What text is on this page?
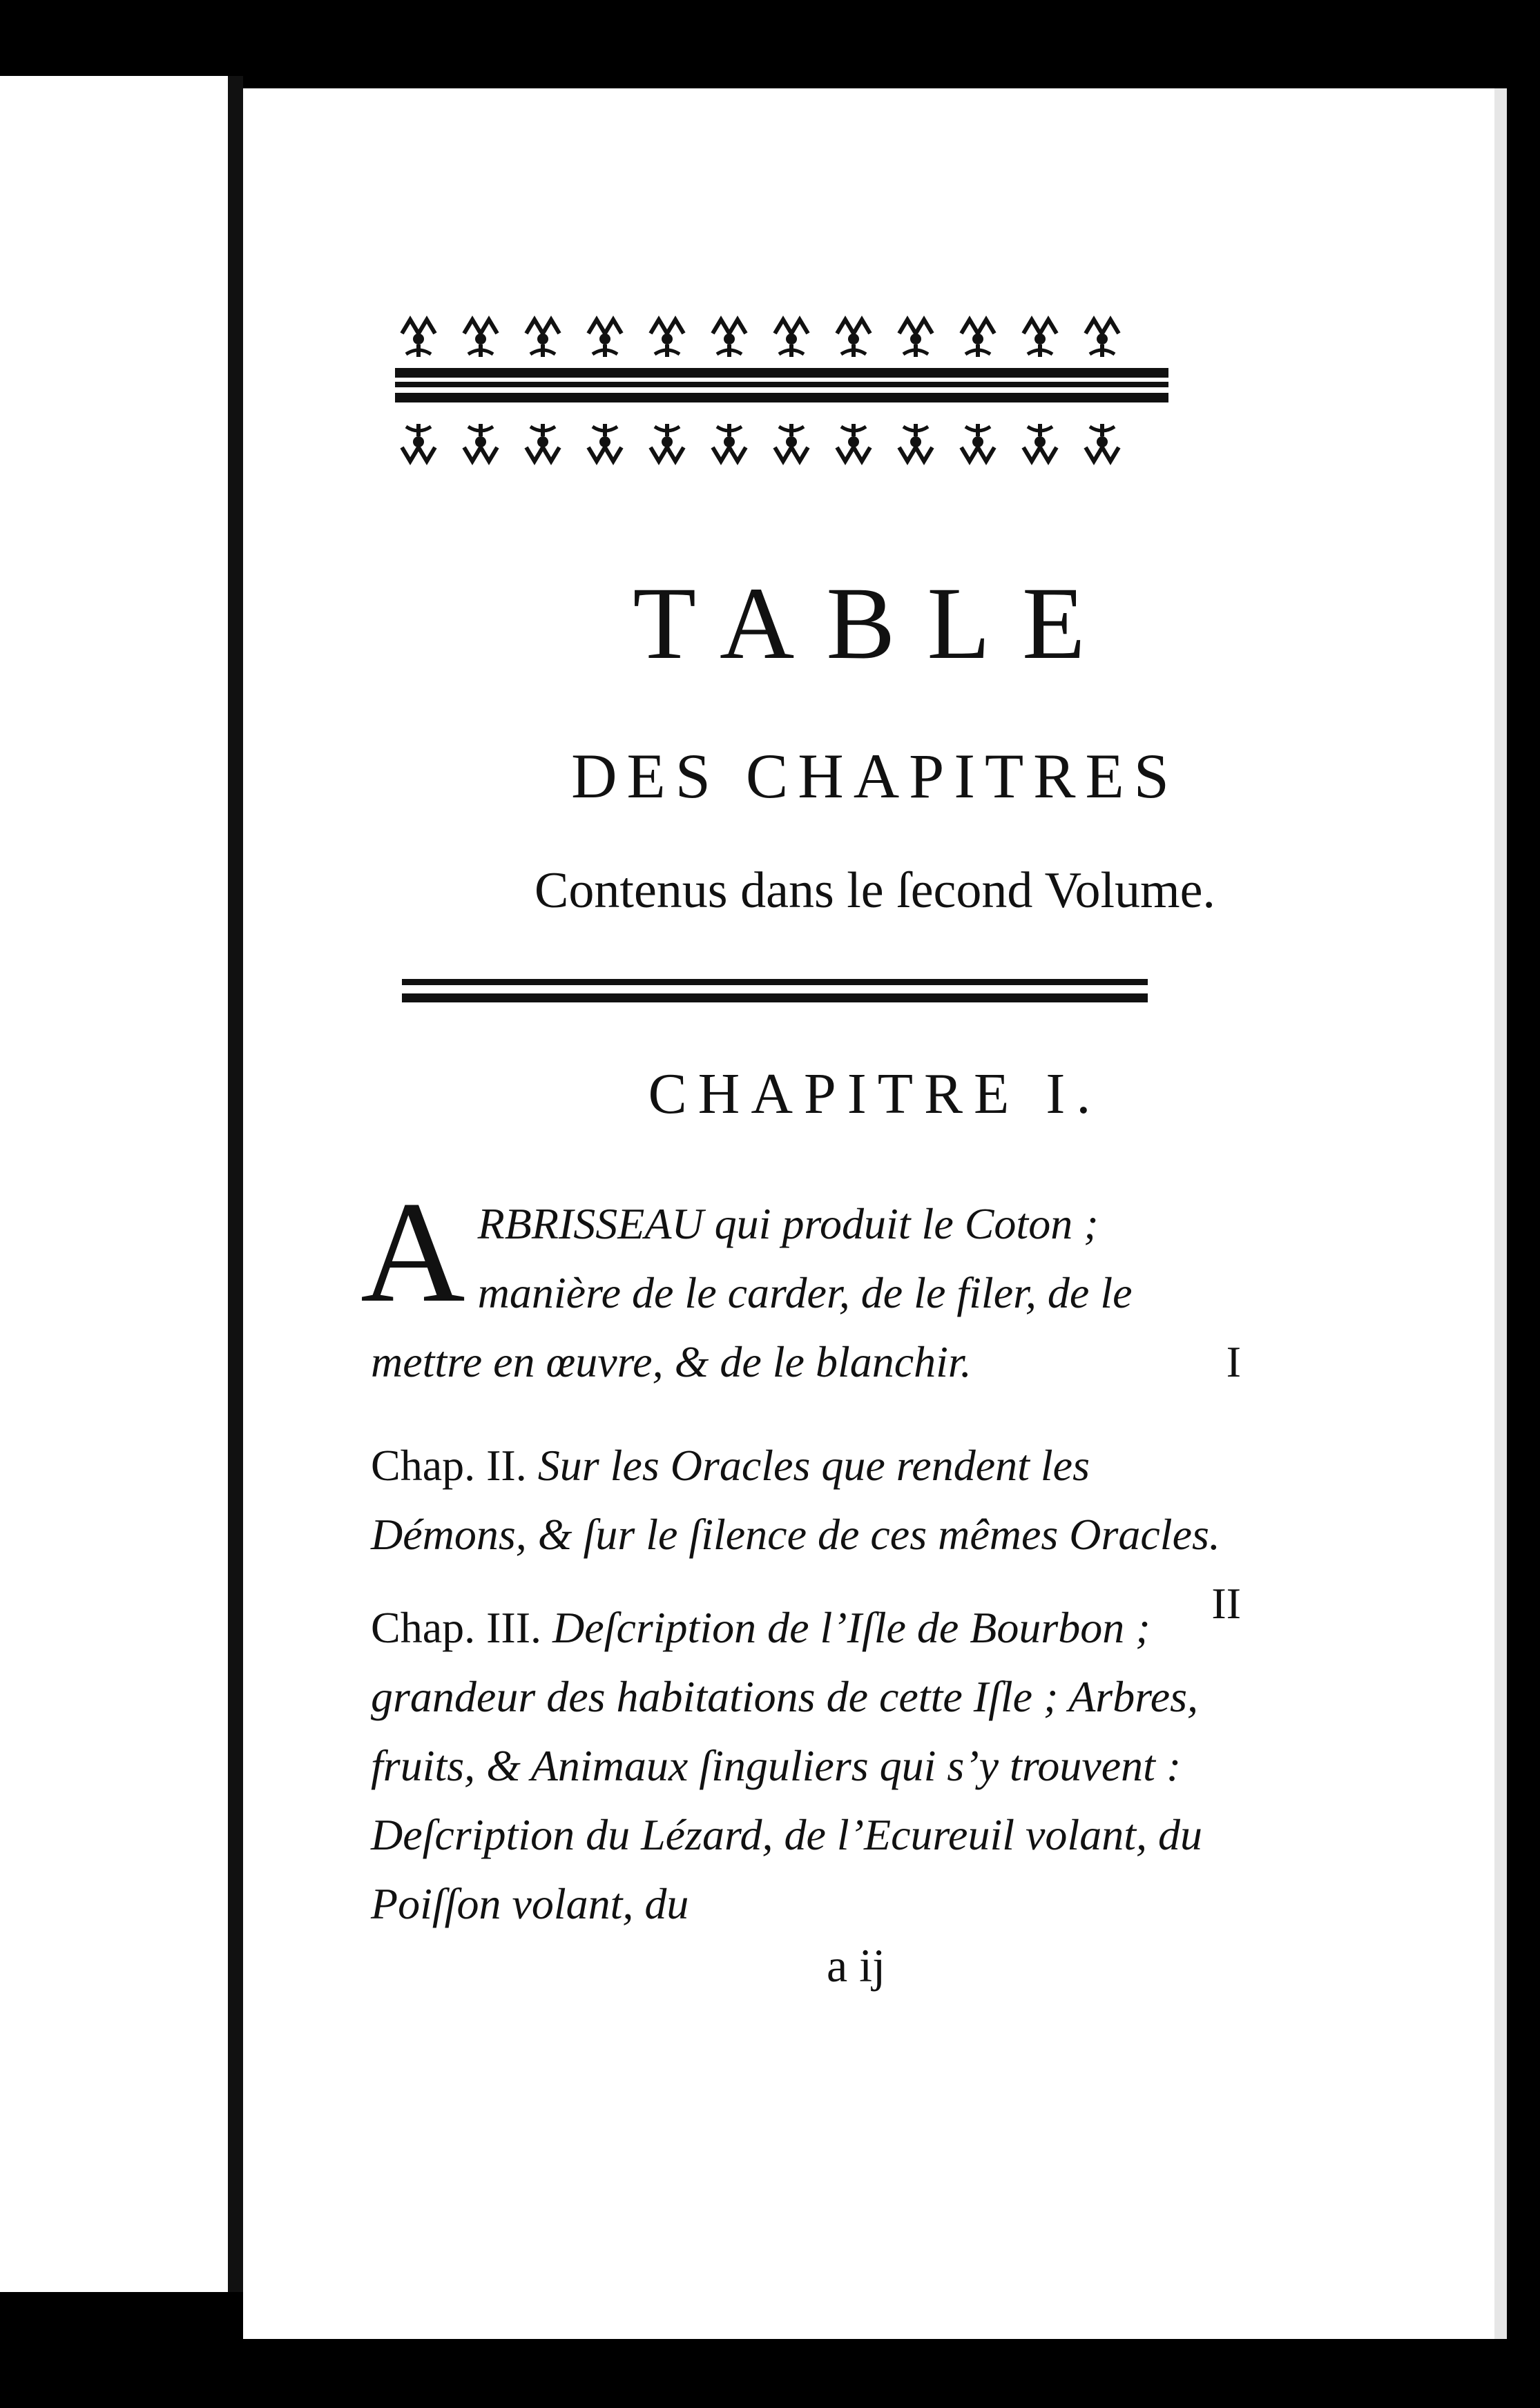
TABLE
DES CHAPITRES
Contenus dans le ſecond Volume.
CHAPITRE I.
A RBRISSEAU qui produit le Coton ; manière de le carder, de le filer, de le mettre en œuvre, & de le blanchir.	I
Chap. II. Sur les Oracles que rendent les Démons, & ſur le ſilence de ces mêmes Oracles.
II
Chap. III. Deſcription de l’Iſle de Bourbon ; grandeur des habitations de cette Iſle ; Arbres, fruits, & Animaux ſinguliers qui s’y trouvent : Deſcription du Lézard, de l’Ecureuil volant, du Poiſſon volant, du
a ij
